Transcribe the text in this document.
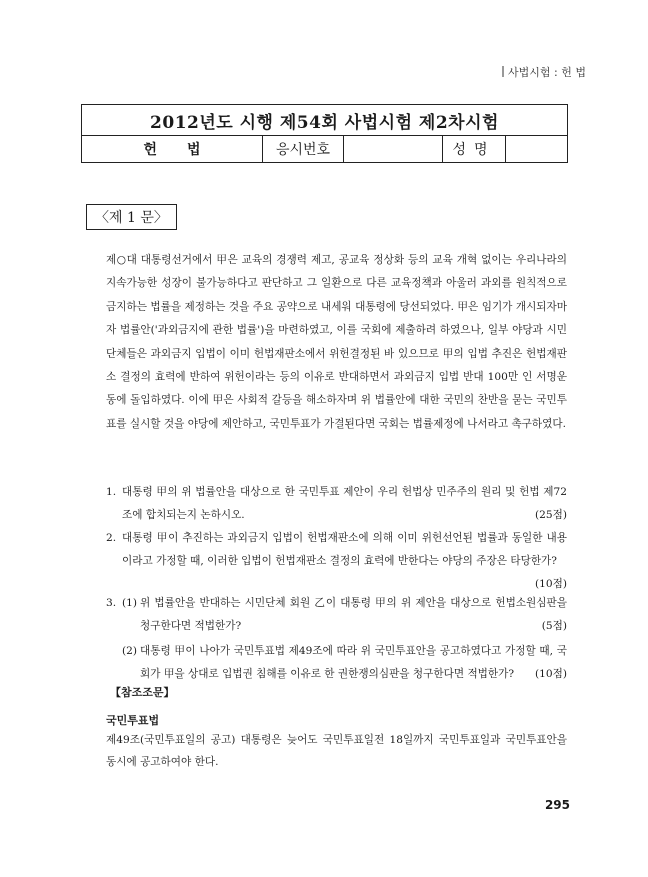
사법시험 : 헌 법
2012년도 시행 제54회 사법시험 제2차시험
헌법	응시번호		성명	
〈제 1 문〉
제○대 대통령선거에서 甲은 교육의 경쟁력 제고, 공교육 정상화 등의 교육 개혁 없이는 우리나라의 지속가능한 성장이 불가능하다고 판단하고 그 일환으로 다른 교육정책과 아울러 과외를 원칙적으로 금지하는 법률을 제정하는 것을 주요 공약으로 내세워 대통령에 당선되었다. 甲은 임기가 개시되자마자 법률안('과외금지에 관한 법률')을 마련하였고, 이를 국회에 제출하려 하였으나, 일부 야당과 시민단체들은 과외금지 입법이 이미 헌법재판소에서 위헌결정된 바 있으므로 甲의 입법 추진은 헌법재판소 결정의 효력에 반하여 위헌이라는 등의 이유로 반대하면서 과외금지 입법 반대 100만 인 서명운동에 돌입하였다. 이에 甲은 사회적 갈등을 해소하자며 위 법률안에 대한 국민의 찬반을 묻는 국민투표를 실시할 것을 야당에 제안하고, 국민투표가 가결된다면 국회는 법률제정에 나서라고 촉구하였다.
1. 대통령 甲의 위 법률안을 대상으로 한 국민투표 제안이 우리 헌법상 민주주의 원리 및 헌법 제72조에 합치되는지 논하시오.	(25점)
2. 대통령 甲이 추진하는 과외금지 입법이 헌법재판소에 의해 이미 위헌선언된 법률과 동일한 내용이라고 가정할 때, 이러한 입법이 헌법재판소 결정의 효력에 반한다는 야당의 주장은 타당한가?
(10점)
3. (1) 위 법률안을 반대하는 시민단체 회원 乙이 대통령 甲의 위 제안을 대상으로 헌법소원심판을 청구한다면 적법한가?	(5점)
(2) 대통령 甲이 나아가 국민투표법 제49조에 따라 위 국민투표안을 공고하였다고 가정할 때, 국회가 甲을 상대로 입법권 침해를 이유로 한 권한쟁의심판을 청구한다면 적법한가? (10점)
【참조조문】
국민투표법
제49조(국민투표일의 공고) 대통령은 늦어도 국민투표일전 18일까지 국민투표일과 국민투표안을 동시에 공고하여야 한다.
295
